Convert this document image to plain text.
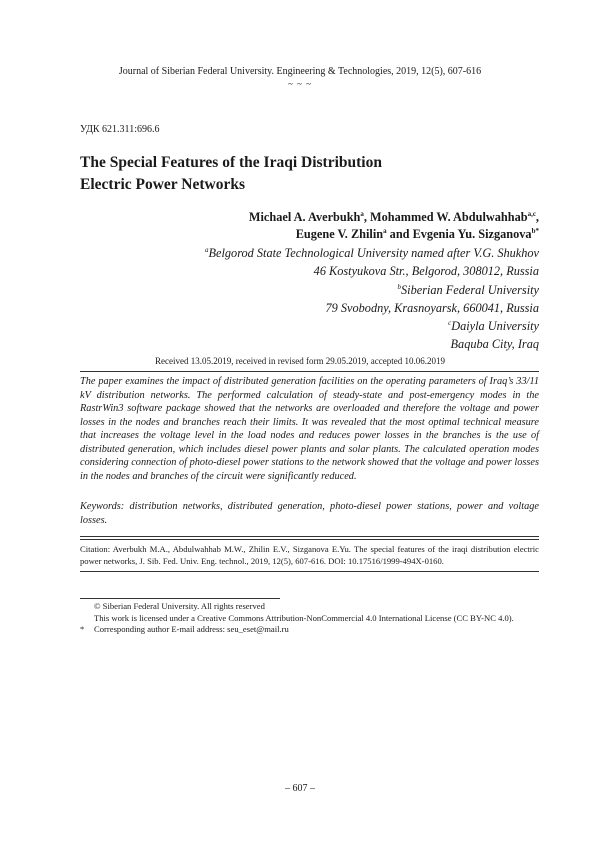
Journal of Siberian Federal University. Engineering & Technologies, 2019, 12(5), 607-616
~ ~ ~
УДК 621.311:696.6
The Special Features of the Iraqi Distribution
Electric Power Networks
Michael A. Averbukh$^a$, Mohammed W. Abdulwahhab$^{a,c}$,
Eugene V. Zhilin$^a$ and Evgenia Yu. Sizganova$^{b*}$
$^a$Belgorod State Technological University named after V.G. Shukhov
46 Kostyukova Str., Belgorod, 308012, Russia
$^b$Siberian Federal University
79 Svobodny, Krasnoyarsk, 660041, Russia
$^c$Daiyla University
Baquba City, Iraq
Received 13.05.2019, received in revised form 29.05.2019, accepted 10.06.2019
The paper examines the impact of distributed generation facilities on the operating parameters of Iraq’s 33/11 kV distribution networks. The performed calculation of steady-state and post-emergency modes in the RastrWin3 software package showed that the networks are overloaded and therefore the voltage and power losses in the nodes and branches reach their limits. It was revealed that the most optimal technical measure that increases the voltage level in the load nodes and reduces power losses in the branches is the use of distributed generation, which includes diesel power plants and solar plants. The calculated operation modes considering connection of photo-diesel power stations to the network showed that the voltage and power losses in the nodes and branches of the circuit were significantly reduced.
Keywords: distribution networks, distributed generation, photo-diesel power stations, power and voltage losses.
Citation: Averbukh M.A., Abdulwahhab M.W., Zhilin E.V., Sizganova E.Yu. The special features of the iraqi distribution electric power networks, J. Sib. Fed. Univ. Eng. technol., 2019, 12(5), 607-616. DOI: 10.17516/1999-494X-0160.
© Siberian Federal University. All rights reserved
This work is licensed under a Creative Commons Attribution-NonCommercial 4.0 International License (CC BY-NC 4.0).
* Corresponding author E-mail address: seu_eset@mail.ru
– 607 –
